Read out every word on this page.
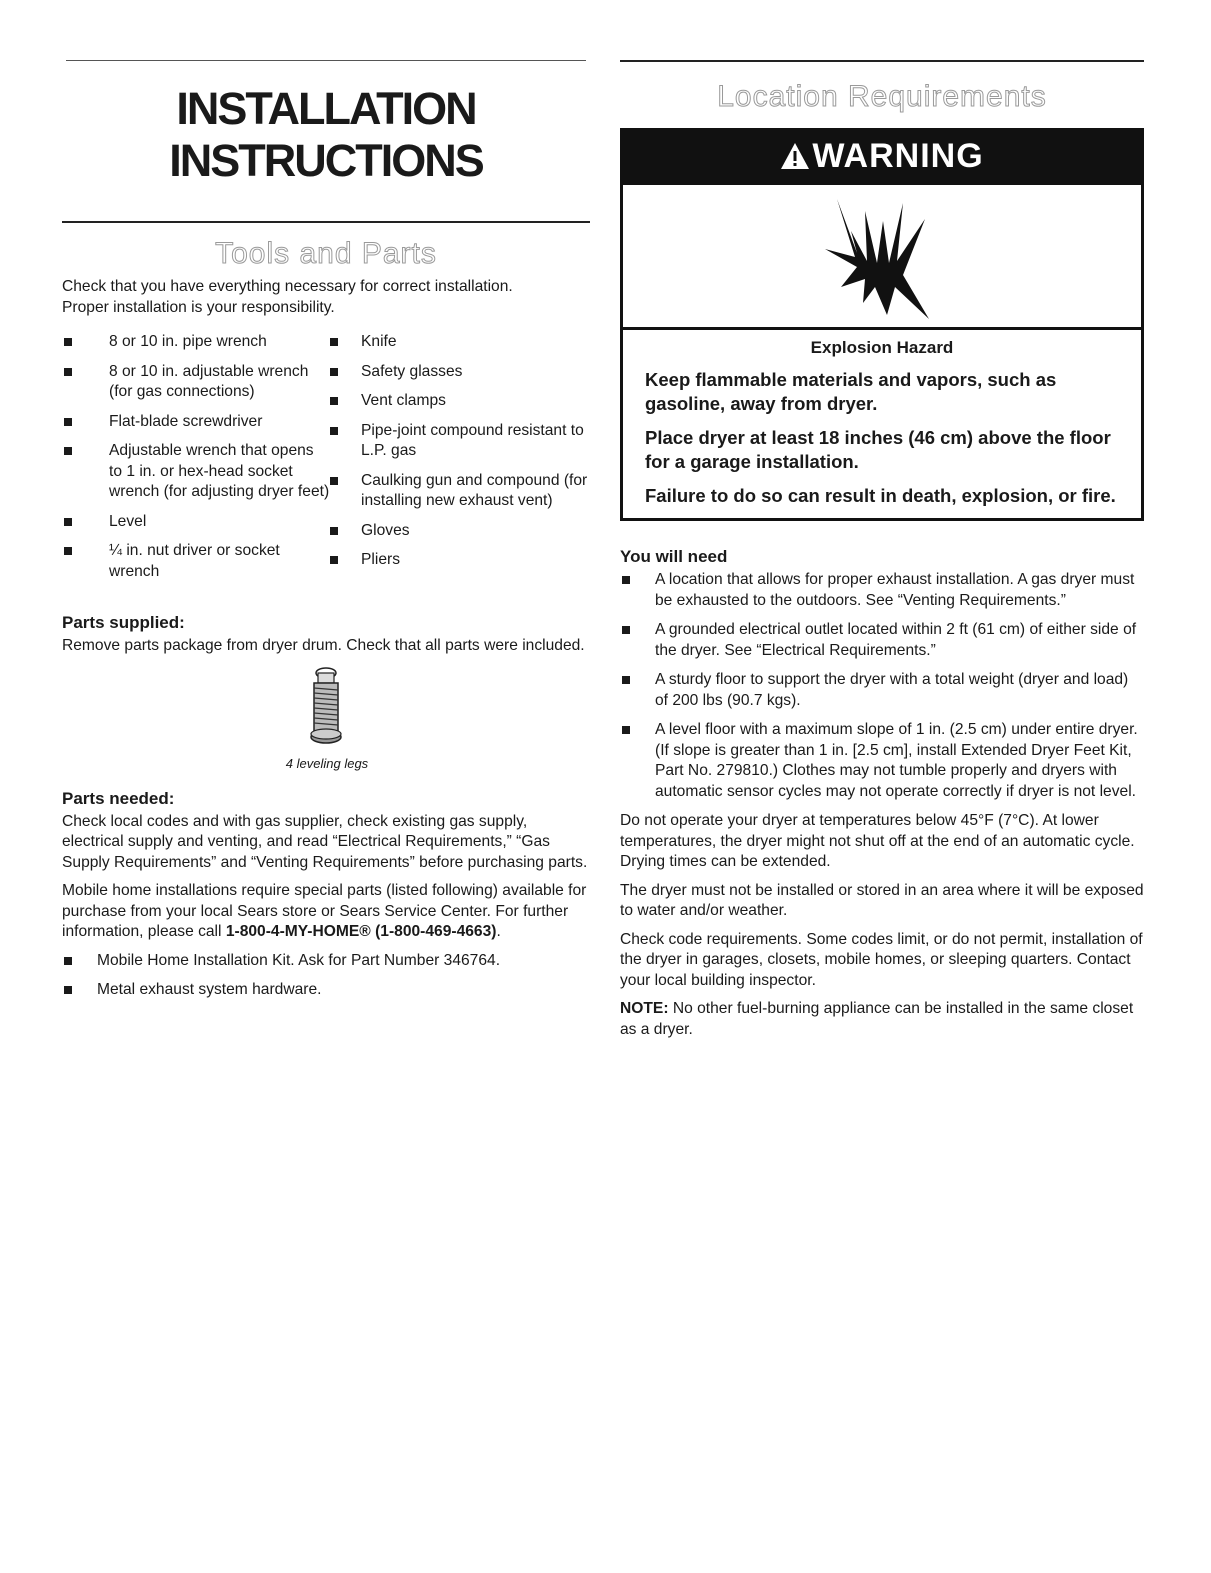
INSTALLATION
INSTRUCTIONS
Tools and Parts

Check that you have everything necessary for correct installation.
Proper installation is your responsibility.

8 or 10 in. pipe wrench
8 or 10 in. adjustable wrench (for gas connections)
Flat-blade screwdriver
Adjustable wrench that opens to 1 in. or hex-head socket wrench (for adjusting dryer feet)
Level
¼ in. nut driver or socket wrench
Knife
Safety glasses
Vent clamps
Pipe-joint compound resistant to L.P. gas
Caulking gun and compound (for installing new exhaust vent)
Gloves
Pliers
Parts supplied:

Remove parts package from dryer drum. Check that all parts were included.

4 leveling legs
Parts needed:

Check local codes and with gas supplier, check existing gas supply, electrical supply and venting, and read “Electrical Requirements,” “Gas Supply Requirements” and “Venting Requirements” before purchasing parts.

Mobile home installations require special parts (listed following) available for purchase from your local Sears store or Sears Service Center. For further information, please call 1-800-4-MY-HOME® (1-800-469-4663).

Mobile Home Installation Kit. Ask for Part Number 346764.
Metal exhaust system hardware.
Location Requirements
WARNING
Explosion Hazard
Keep flammable materials and vapors, such as gasoline, away from dryer.
Place dryer at least 18 inches (46 cm) above the floor for a garage installation.
Failure to do so can result in death, explosion, or fire.
You will need
A location that allows for proper exhaust installation. A gas dryer must be exhausted to the outdoors. See “Venting Requirements.”
A grounded electrical outlet located within 2 ft (61 cm) of either side of the dryer. See “Electrical Requirements.”
A sturdy floor to support the dryer with a total weight (dryer and load) of 200 lbs (90.7 kgs).
A level floor with a maximum slope of 1 in. (2.5 cm) under entire dryer. (If slope is greater than 1 in. [2.5 cm], install Extended Dryer Feet Kit, Part No. 279810.) Clothes may not tumble properly and dryers with automatic sensor cycles may not operate correctly if dryer is not level.

Do not operate your dryer at temperatures below 45°F (7°C). At lower temperatures, the dryer might not shut off at the end of an automatic cycle. Drying times can be extended.

The dryer must not be installed or stored in an area where it will be exposed to water and/or weather.

Check code requirements. Some codes limit, or do not permit, installation of the dryer in garages, closets, mobile homes, or sleeping quarters. Contact your local building inspector.

NOTE: No other fuel-burning appliance can be installed in the same closet as a dryer.
